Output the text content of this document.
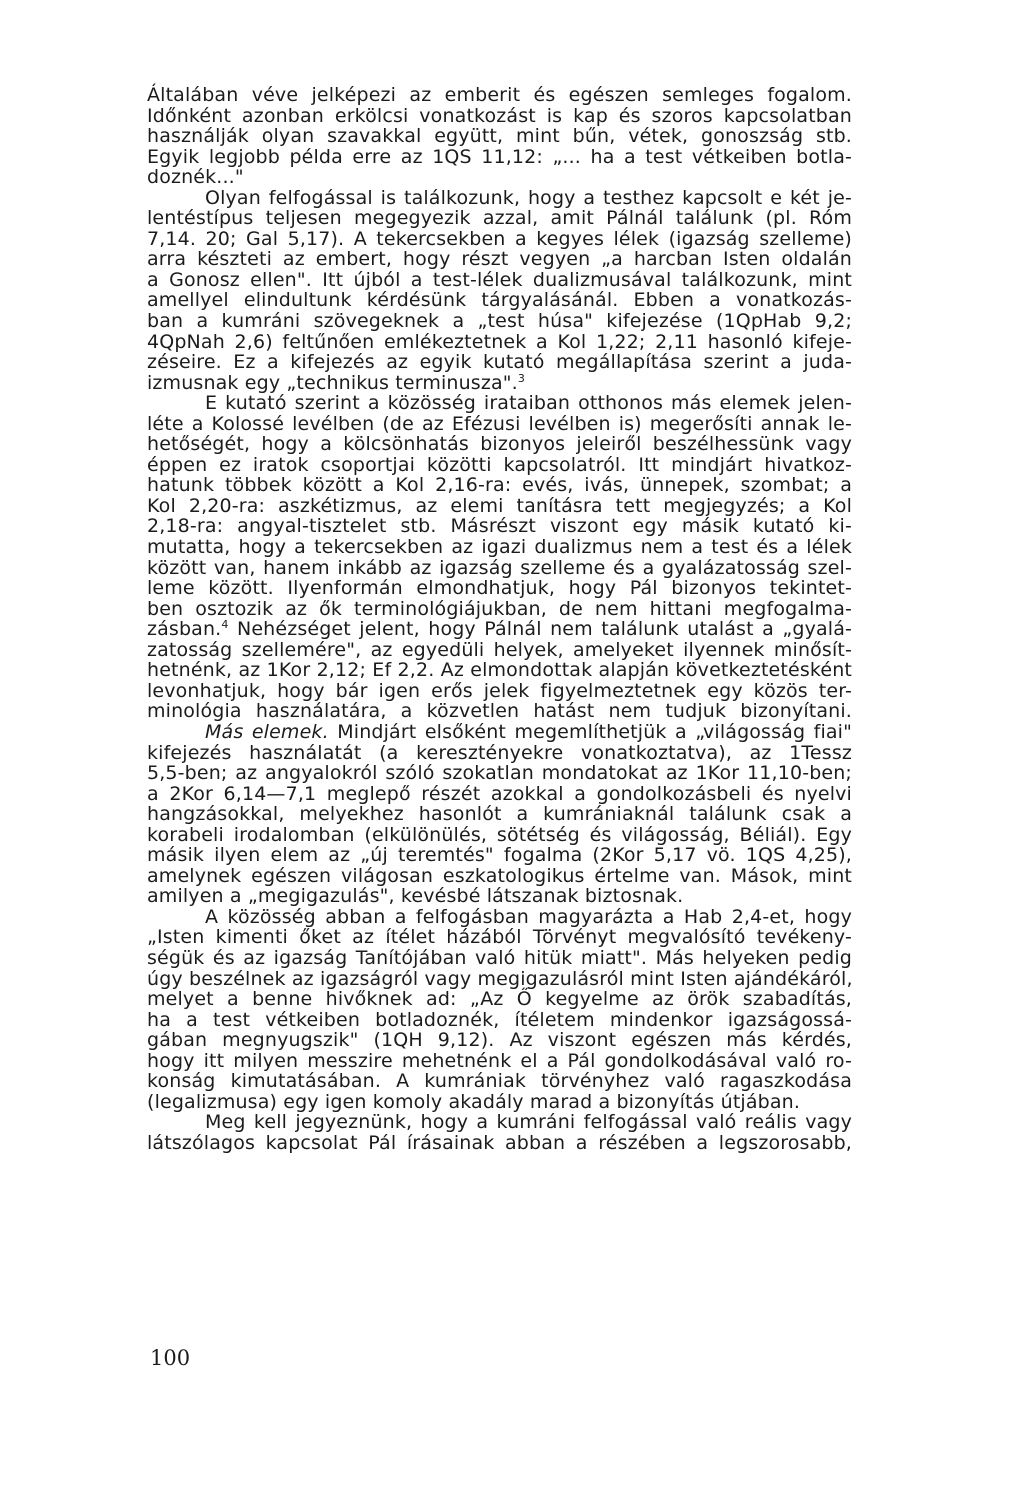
Általában véve jelképezi az emberit és egészen semleges fogalom.
Időnként azonban erkölcsi vonatkozást is kap és szoros kapcsolatban
használják olyan szavakkal együtt, mint bűn, vétek, gonoszság stb.
Egyik legjobb példa erre az 1QS 11,12: „... ha a test vétkeiben botla-
doznék..."
Olyan felfogással is találkozunk, hogy a testhez kapcsolt e két je-
lentéstípus teljesen megegyezik azzal, amit Pálnál találunk (pl. Róm
7,14. 20; Gal 5,17). A tekercsekben a kegyes lélek (igazság szelleme)
arra készteti az embert, hogy részt vegyen „a harcban Isten oldalán
a Gonosz ellen". Itt újból a test-lélek dualizmusával találkozunk, mint
amellyel elindultunk kérdésünk tárgyalásánál. Ebben a vonatkozás-
ban a kumráni szövegeknek a „test húsa" kifejezése (1QpHab 9,2;
4QpNah 2,6) feltűnően emlékeztetnek a Kol 1,22; 2,11 hasonló kifeje-
zéseire. Ez a kifejezés az egyik kutató megállapítása szerint a juda-
izmusnak egy „technikus terminusza".$^3$
E kutató szerint a közösség irataiban otthonos más elemek jelen-
léte a Kolossé levélben (de az Efézusi levélben is) megerősíti annak le-
hetőségét, hogy a kölcsönhatás bizonyos jeleiről beszélhessünk vagy
éppen ez iratok csoportjai közötti kapcsolatról. Itt mindjárt hivatkoz-
hatunk többek között a Kol 2,16-ra: evés, ivás, ünnepek, szombat; a
Kol 2,20-ra: aszkétizmus, az elemi tanításra tett megjegyzés; a Kol
2,18-ra: angyal-tisztelet stb. Másrészt viszont egy másik kutató ki-
mutatta, hogy a tekercsekben az igazi dualizmus nem a test és a lélek
között van, hanem inkább az igazság szelleme és a gyalázatosság szel-
leme között. Ilyenformán elmondhatjuk, hogy Pál bizonyos tekintet-
ben osztozik az ők terminológiájukban, de nem hittani megfogalma-
zásban.$^4$ Nehézséget jelent, hogy Pálnál nem találunk utalást a „gyalá-
zatosság szellemére", az egyedüli helyek, amelyeket ilyennek minősít-
hetnénk, az 1Kor 2,12; Ef 2,2. Az elmondottak alapján következtetésként
levonhatjuk, hogy bár igen erős jelek figyelmeztetnek egy közös ter-
minológia használatára, a közvetlen hatást nem tudjuk bizonyítani.
Más elemek. Mindjárt elsőként megemlíthetjük a „világosság fiai"
kifejezés használatát (a keresztényekre vonatkoztatva), az 1Tessz
5,5-ben; az angyalokról szóló szokatlan mondatokat az 1Kor 11,10-ben;
a 2Kor 6,14—7,1 meglepő részét azokkal a gondolkozásbeli és nyelvi
hangzásokkal, melyekhez hasonlót a kumrániaknál találunk csak a
korabeli irodalomban (elkülönülés, sötétség és világosság, Béliál). Egy
másik ilyen elem az „új teremtés" fogalma (2Kor 5,17 vö. 1QS 4,25),
amelynek egészen világosan eszkatologikus értelme van. Mások, mint
amilyen a „megigazulás", kevésbé látszanak biztosnak.
A közösség abban a felfogásban magyarázta a Hab 2,4-et, hogy
„Isten kimenti őket az ítélet házából Törvényt megvalósító tevékeny-
ségük és az igazság Tanítójában való hitük miatt". Más helyeken pedig
úgy beszélnek az igazságról vagy megigazulásról mint Isten ajándékáról,
melyet a benne hivőknek ad: „Az Ő kegyelme az örök szabadítás,
ha a test vétkeiben botladoznék, ítéletem mindenkor igazságossá-
gában megnyugszik" (1QH 9,12). Az viszont egészen más kérdés,
hogy itt milyen messzire mehetnénk el a Pál gondolkodásával való ro-
konság kimutatásában. A kumrániak törvényhez való ragaszkodása
(legalizmusa) egy igen komoly akadály marad a bizonyítás útjában.
Meg kell jegyeznünk, hogy a kumráni felfogással való reális vagy
látszólagos kapcsolat Pál írásainak abban a részében a legszorosabb,
100
